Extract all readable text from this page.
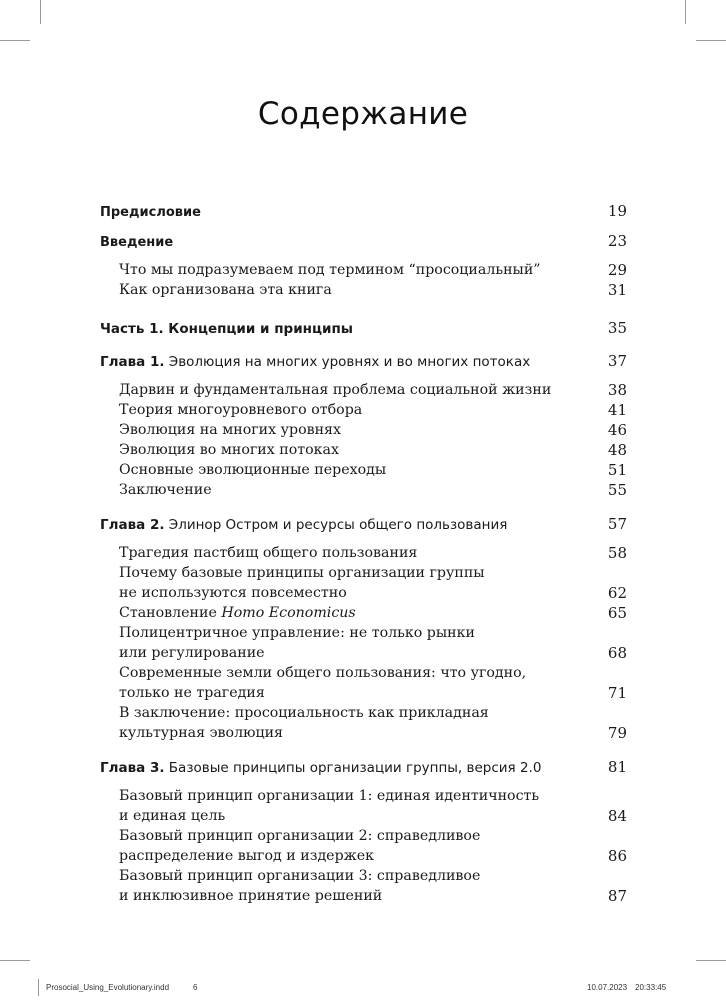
Содержание
Предисловие	19
Введение	23
Что мы подразумеваем под термином “просоциальный”	29
Как организована эта книга	31
Часть 1. Концепции и принципы	35
Глава 1. Эволюция на многих уровнях и во многих потоках	37
Дарвин и фундаментальная проблема социальной жизни	38
Теория многоуровневого отбора	41
Эволюция на многих уровнях	46
Эволюция во многих потоках	48
Основные эволюционные переходы	51
Заключение	55
Глава 2. Элинор Остром и ресурсы общего пользования	57
Трагедия пастбищ общего пользования	58
Почему базовые принципы организации группы
не используются повсеместно	62
Становление Homo Economicus	65
Полицентричное управление: не только рынки
или регулирование	68
Современные земли общего пользования: что угодно,
только не трагедия	71
В заключение: просоциальность как прикладная
культурная эволюция	79
Глава 3. Базовые принципы организации группы, версия 2.0	81
Базовый принцип организации 1: единая идентичность
и единая цель	84
Базовый принцип организации 2: справедливое
распределение выгод и издержек	86
Базовый принцип организации 3: справедливое
и инклюзивное принятие решений	87
Prosocial_Using_Evolutionary.indd	6	10.07.2023 20:33:45
